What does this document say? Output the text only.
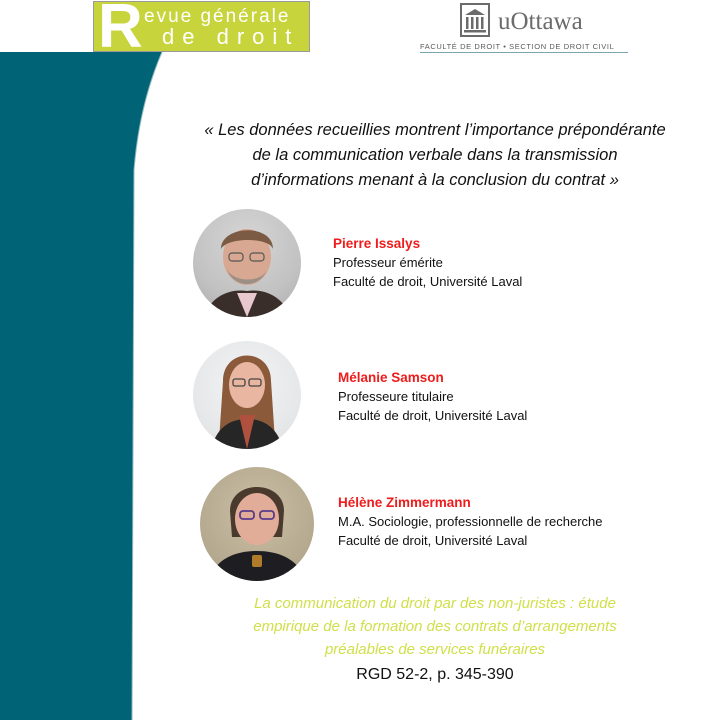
R evue générale
de droit
uOttawa
FACULTÉ DE DROIT • SECTION DE DROIT CIVIL
« Les données recueillies montrent l’importance prépondérante
de la communication verbale dans la transmission
d’informations menant à la conclusion du contrat »
Pierre Issalys
Professeur émérite
Faculté de droit, Université Laval
Mélanie Samson
Professeure titulaire
Faculté de droit, Université Laval
Hélène Zimmermann
M.A. Sociologie, professionnelle de recherche
Faculté de droit, Université Laval
La communication du droit par des non-juristes : étude
empirique de la formation des contrats d’arrangements
préalables de services funéraires
RGD 52-2, p. 345-390
